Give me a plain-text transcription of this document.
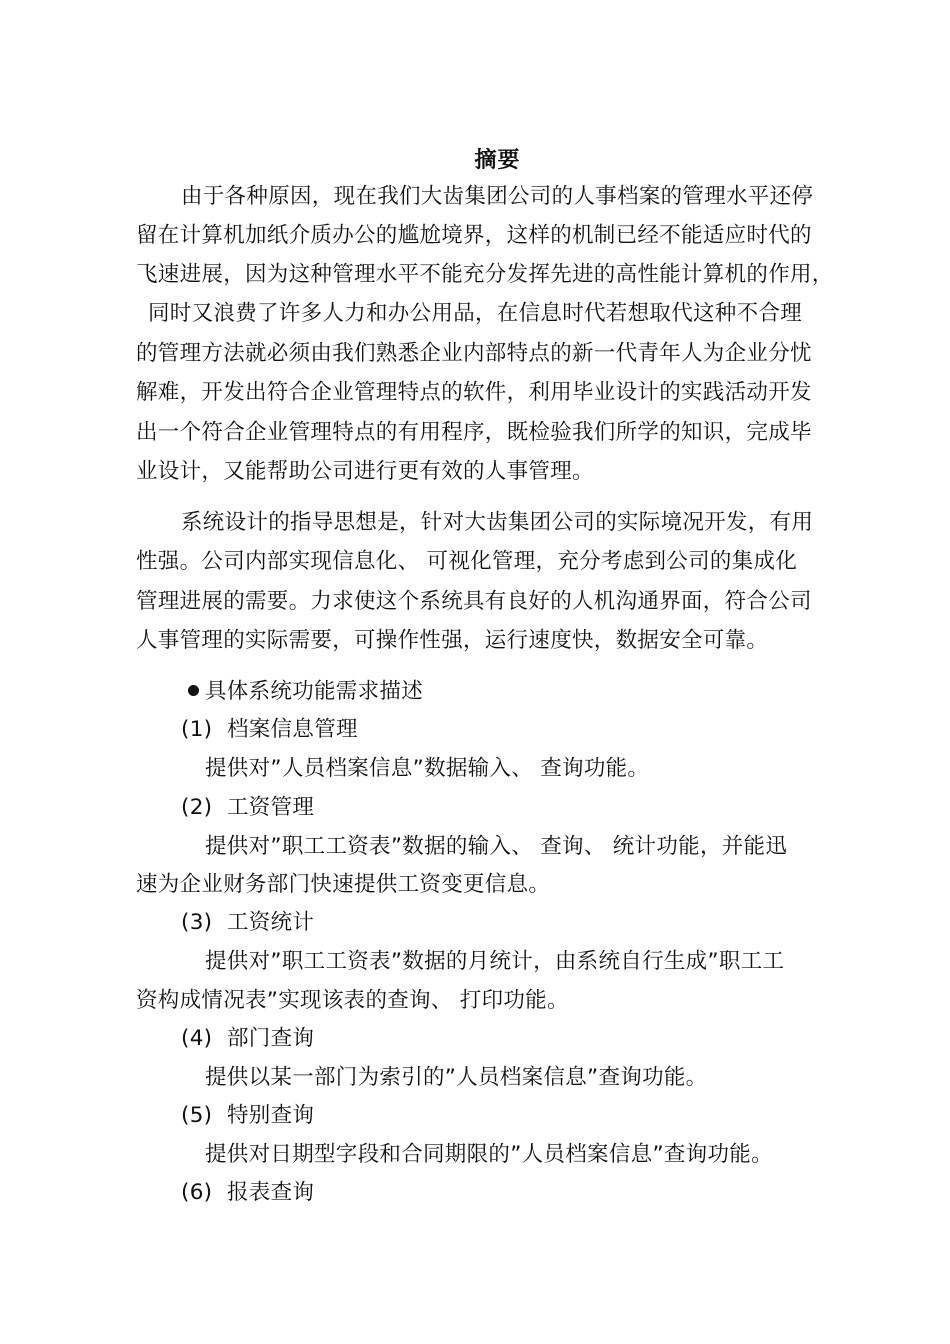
摘要
由于各种原因，现在我们大齿集团公司的人事档案的管理水平还停
留在计算机加纸介质办公的尴尬境界，这样的机制已经不能适应时代的
飞速进展，因为这种管理水平不能充分发挥先进的高性能计算机的作用，
同时又浪费了许多人力和办公用品，在信息时代若想取代这种不合理
的管理方法就必须由我们熟悉企业内部特点的新一代青年人为企业分忧
解难，开发出符合企业管理特点的软件，利用毕业设计的实践活动开发
出一个符合企业管理特点的有用程序，既检验我们所学的知识，完成毕
业设计，又能帮助公司进行更有效的人事管理。
系统设计的指导思想是，针对大齿集团公司的实际境况开发，有用
性强。公司内部实现信息化、 可视化管理，充分考虑到公司的集成化
管理进展的需要。力求使这个系统具有良好的人机沟通界面，符合公司
人事管理的实际需要，可操作性强，运行速度快，数据安全可靠。
具体系统功能需求描述
(1) 档案信息管理
提供对”人员档案信息”数据输入、 查询功能。
(2) 工资管理
提供对”职工工资表”数据的输入、 查询、 统计功能，并能迅
速为企业财务部门快速提供工资变更信息。
(3) 工资统计
提供对”职工工资表”数据的月统计，由系统自行生成”职工工
资构成情况表”实现该表的查询、 打印功能。
(4) 部门查询
提供以某一部门为索引的”人员档案信息”查询功能。
(5) 特别查询
提供对日期型字段和合同期限的”人员档案信息”查询功能。
(6) 报表查询
